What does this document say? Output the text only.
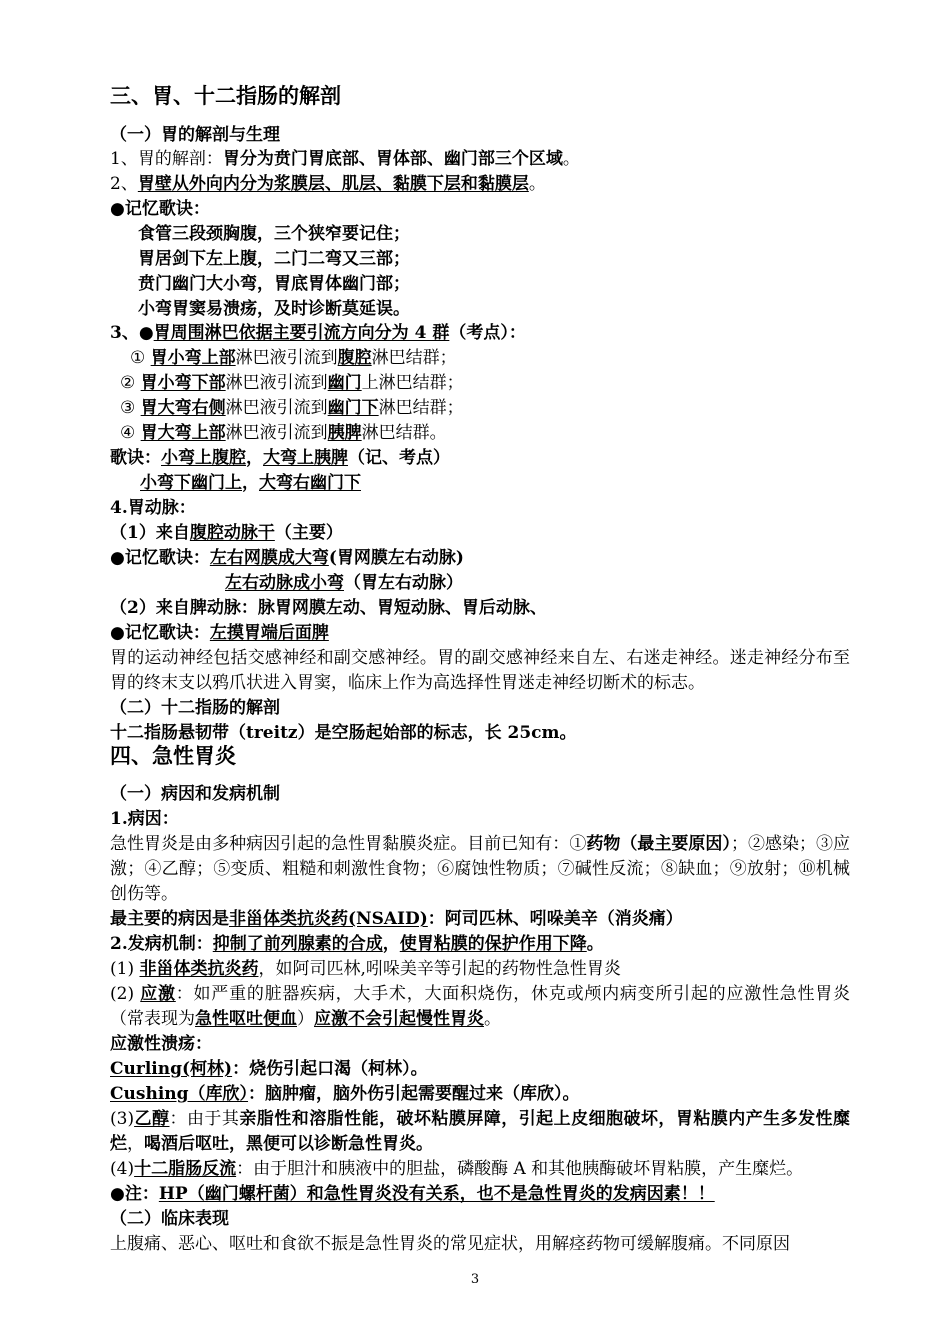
三、胃、十二指肠的解剖
（一）胃的解剖与生理
1、胃的解剖：胃分为贲门胃底部、胃体部、幽门部三个区域。
2、胃壁从外向内分为浆膜层、肌层、黏膜下层和黏膜层。
●记忆歌诀：
食管三段颈胸腹，三个狭窄要记住；
胃居剑下左上腹，二门二弯又三部；
贲门幽门大小弯，胃底胃体幽门部；
小弯胃窦易溃疡，及时诊断莫延误。
3、●胃周围淋巴依据主要引流方向分为 4 群（考点）：
① 胃小弯上部淋巴液引流到腹腔淋巴结群；
② 胃小弯下部淋巴液引流到幽门上淋巴结群；
③ 胃大弯右侧淋巴液引流到幽门下淋巴结群；
④ 胃大弯上部淋巴液引流到胰脾淋巴结群。
歌诀：小弯上腹腔，大弯上胰脾（记、考点）
小弯下幽门上，大弯右幽门下
4.胃动脉：
（1）来自腹腔动脉干（主要）
●记忆歌诀：左右网膜成大弯(胃网膜左右动脉)
左右动脉成小弯（胃左右动脉）
（2）来自脾动脉：脉胃网膜左动、胃短动脉、胃后动脉、
●记忆歌诀：左摸胃端后面脾
胃的运动神经包括交感神经和副交感神经。胃的副交感神经来自左、右迷走神经。迷走神经分布至胃的终末支以鸦爪状进入胃窦，临床上作为高选择性胃迷走神经切断术的标志。
（二）十二指肠的解剖
十二指肠悬韧带（treitz）是空肠起始部的标志，长 25cm。
四、急性胃炎
（一）病因和发病机制
1.病因：
急性胃炎是由多种病因引起的急性胃黏膜炎症。目前已知有：①药物（最主要原因）；②感染；③应激；④乙醇；⑤变质、粗糙和刺激性食物；⑥腐蚀性物质；⑦碱性反流；⑧缺血；⑨放射；⑩机械创伤等。
最主要的病因是非甾体类抗炎药(NSAID)：阿司匹林、吲哚美辛（消炎痛）
2.发病机制：抑制了前列腺素的合成，使胃粘膜的保护作用下降。
(1) 非甾体类抗炎药，如阿司匹林,吲哚美辛等引起的药物性急性胃炎
(2) 应激：如严重的脏器疾病，大手术，大面积烧伤，休克或颅内病变所引起的应激性急性胃炎（常表现为急性呕吐便血）应激不会引起慢性胃炎。
应激性溃疡：
Curling(柯林)：烧伤引起口渴（柯林）。
Cushing（库欣）：脑肿瘤，脑外伤引起需要醒过来（库欣）。
(3)乙醇：由于其亲脂性和溶脂性能，破坏粘膜屏障，引起上皮细胞破坏，胃粘膜内产生多发性糜烂，喝酒后呕吐，黑便可以诊断急性胃炎。
(4)十二脂肠反流：由于胆汁和胰液中的胆盐，磷酸酶 A 和其他胰酶破坏胃粘膜，产生糜烂。
●注：HP（幽门螺杆菌）和急性胃炎没有关系，也不是急性胃炎的发病因素！！
（二）临床表现
上腹痛、恶心、呕吐和食欲不振是急性胃炎的常见症状，用解痉药物可缓解腹痛。不同原因
3
